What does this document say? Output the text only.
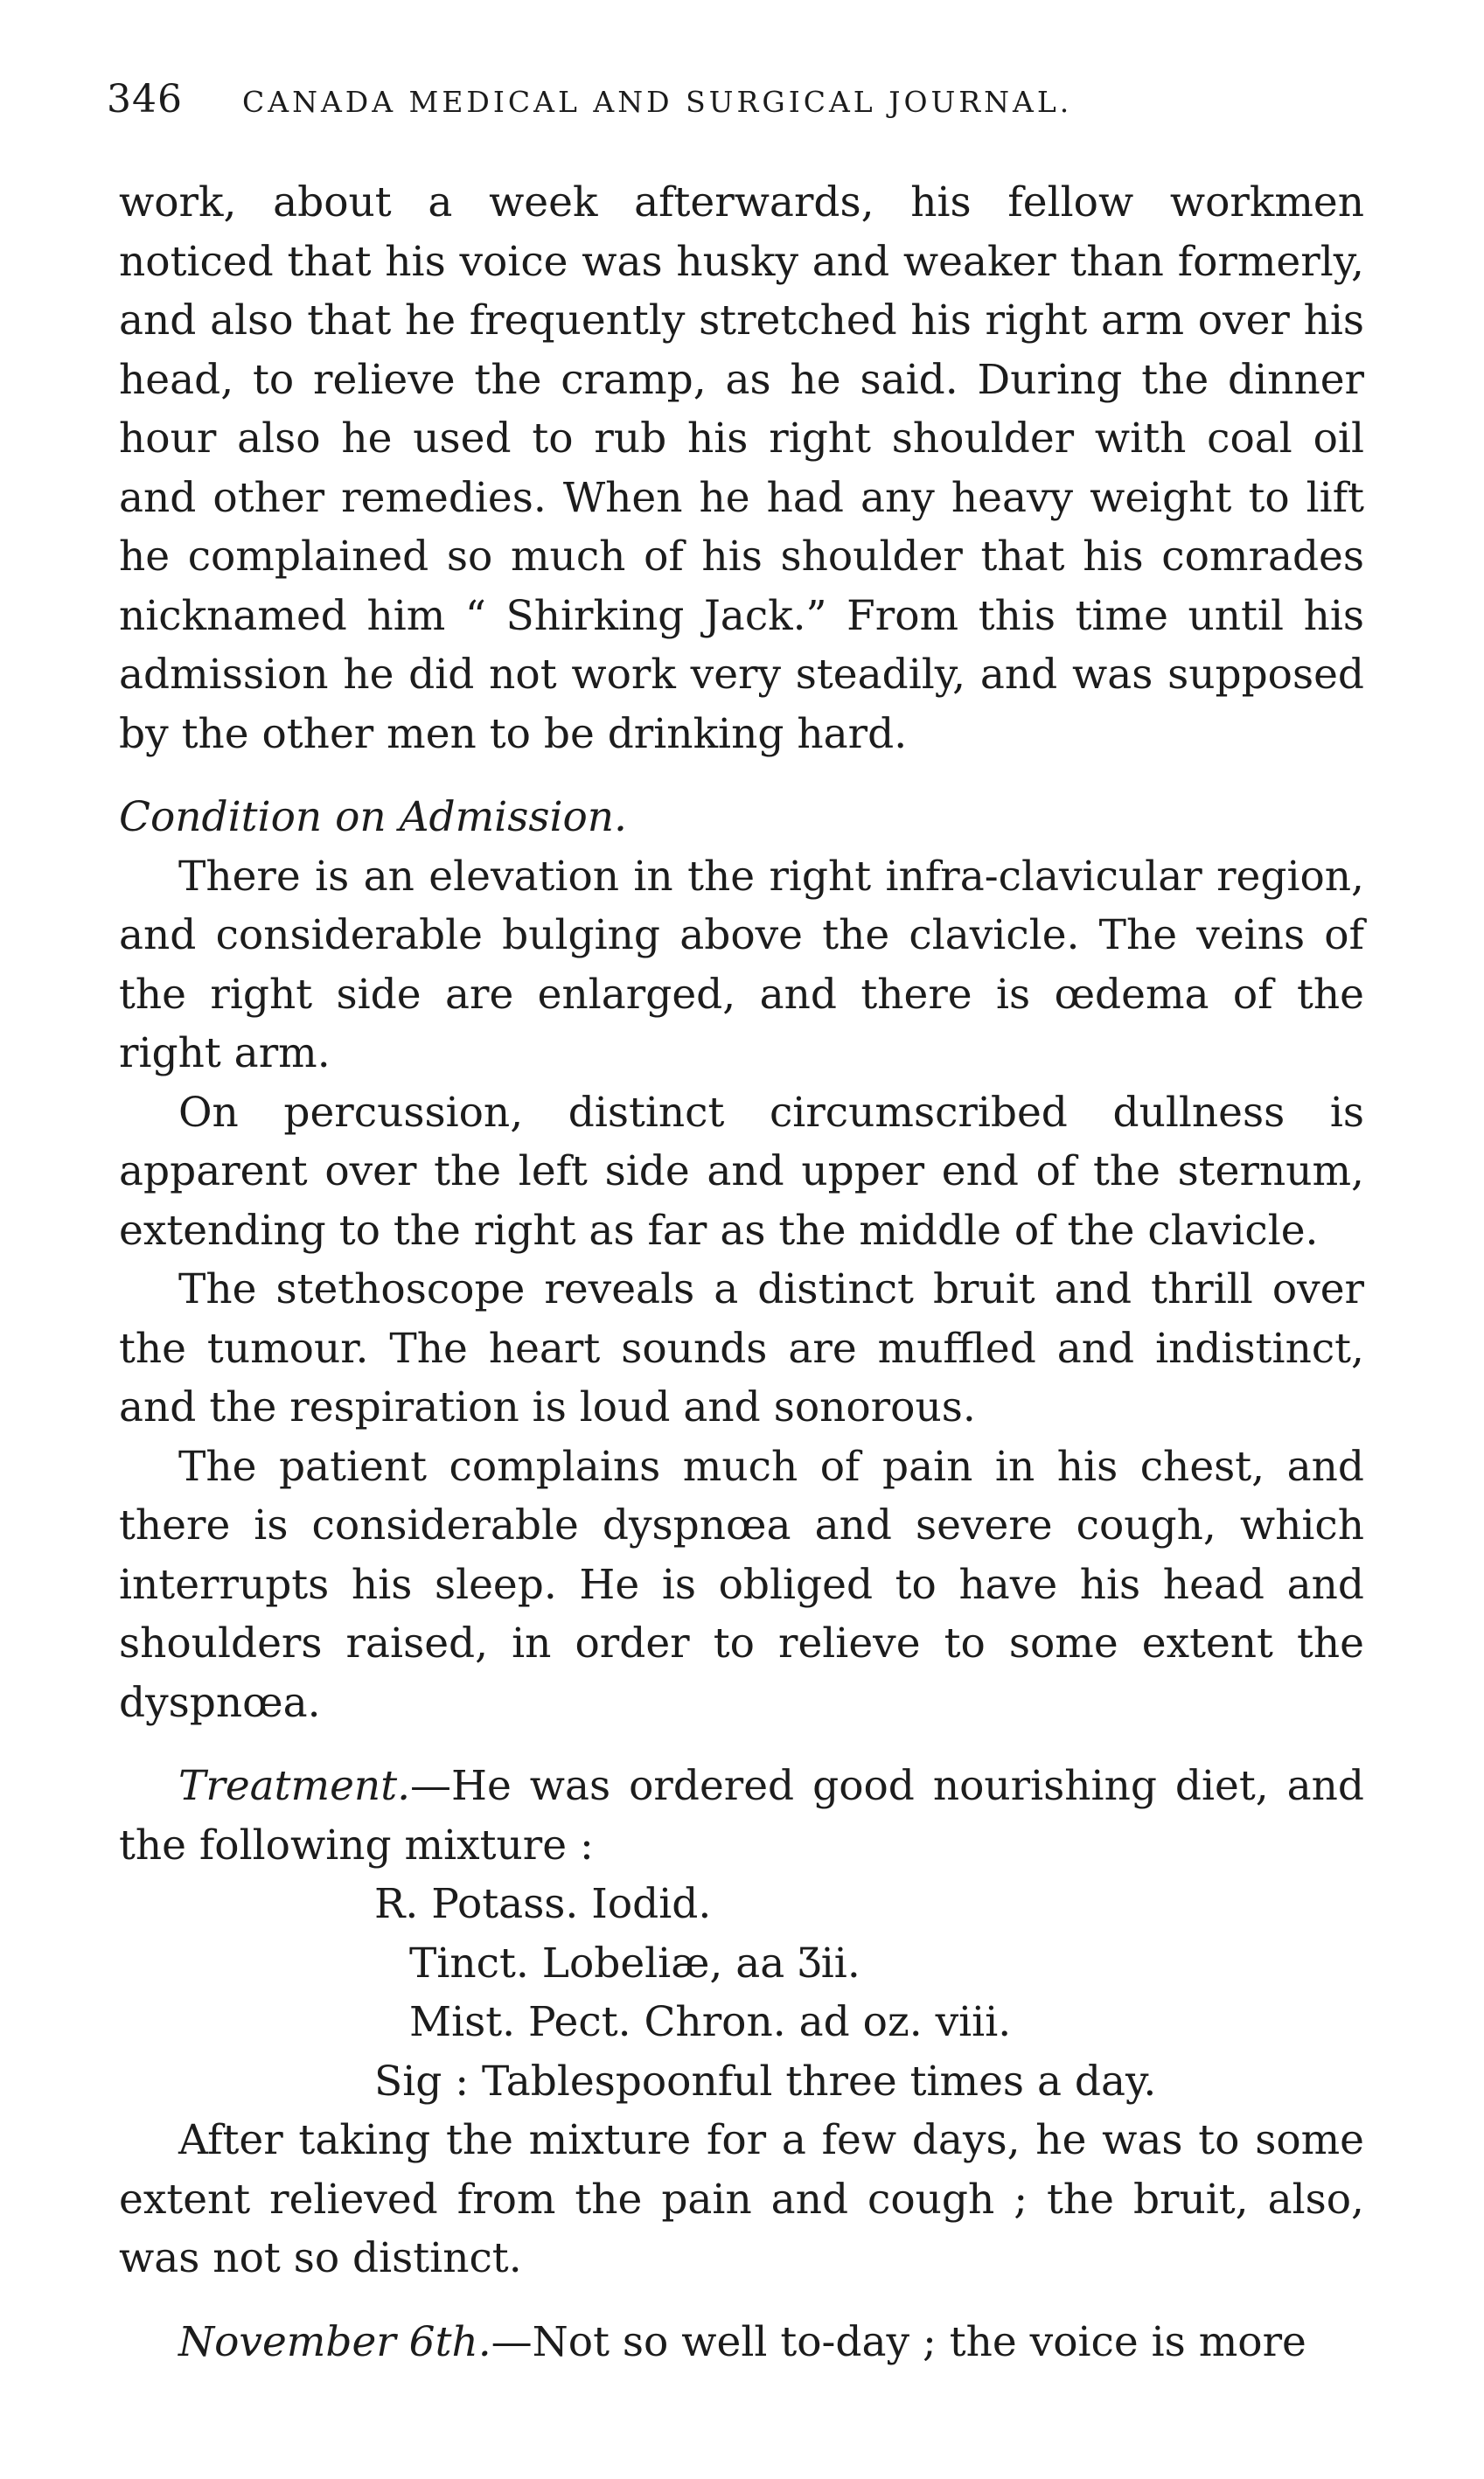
346 CANADA MEDICAL AND SURGICAL JOURNAL.

work, about a week afterwards, his fellow workmen noticed that his voice was husky and weaker than formerly, and also that he frequently stretched his right arm over his head, to relieve the cramp, as he said. During the dinner hour also he used to rub his right shoulder with coal oil and other remedies. When he had any heavy weight to lift he complained so much of his shoulder that his comrades nicknamed him “ Shirking Jack.” From this time until his admission he did not work very steadily, and was supposed by the other men to be drinking hard.

Condition on Admission.

There is an elevation in the right infra-clavicular region, and considerable bulging above the clavicle. The veins of the right side are enlarged, and there is œdema of the right arm.

On percussion, distinct circumscribed dullness is apparent over the left side and upper end of the sternum, extending to the right as far as the middle of the clavicle.

The stethoscope reveals a distinct bruit and thrill over the tumour. The heart sounds are muffled and indistinct, and the respiration is loud and sonorous.

The patient complains much of pain in his chest, and there is considerable dyspnœa and severe cough, which interrupts his sleep. He is obliged to have his head and shoulders raised, in order to relieve to some extent the dyspnœa.

Treatment.—He was ordered good nourishing diet, and the following mixture :

R. Potass. Iodid.
Tinct. Lobeliæ, aa Ʒii.
Mist. Pect. Chron. ad oz. viii.
Sig : Tablespoonful three times a day.

After taking the mixture for a few days, he was to some extent relieved from the pain and cough ; the bruit, also, was not so distinct.

November 6th.—Not so well to-day ; the voice is more
